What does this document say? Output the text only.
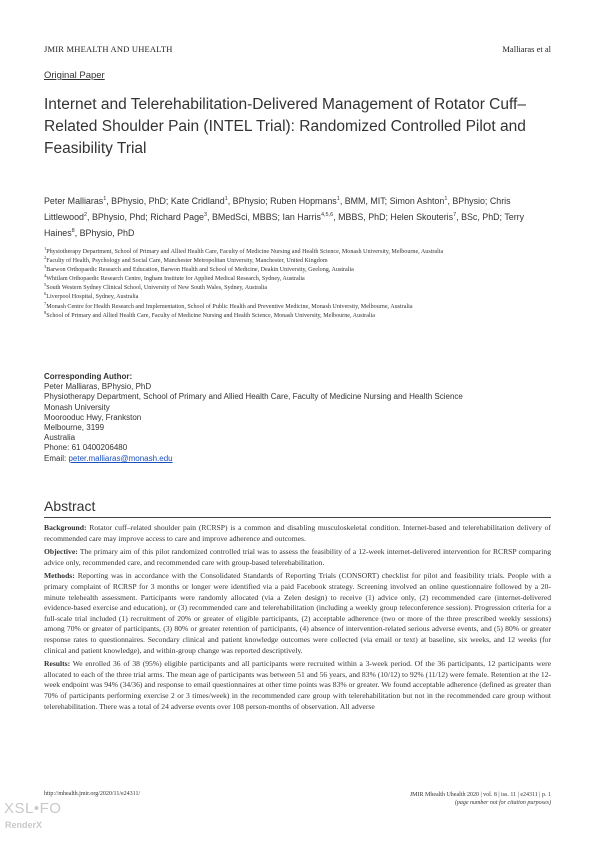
JMIR MHEALTH AND UHEALTH	Malliaras et al
Original Paper
Internet and Telerehabilitation-Delivered Management of Rotator Cuff–Related Shoulder Pain (INTEL Trial): Randomized Controlled Pilot and Feasibility Trial
Peter Malliaras$^1$, BPhysio, PhD; Kate Cridland$^1$, BPhysio; Ruben Hopmans$^1$, BMM, MIT; Simon Ashton$^1$, BPhysio; Chris Littlewood$^2$, BPhysio, Phd; Richard Page$^3$, BMedSci, MBBS; Ian Harris$^{4,5,6}$, MBBS, PhD; Helen Skouteris$^7$, BSc, PhD; Terry Haines$^8$, BPhysio, PhD
$^1$Physiotherapy Department, School of Primary and Allied Health Care, Faculty of Medicine Nursing and Health Science, Monash University, Melbourne, Australia
$^2$Faculty of Health, Psychology and Social Care, Manchester Metropolitan University, Manchester, United Kingdom
$^3$Barwon Orthopaedic Research and Education, Barwon Health and School of Medicine, Deakin University, Geelong, Australia
$^4$Whitlam Orthopaedic Research Centre, Ingham Institute for Applied Medical Research, Sydney, Australia
$^5$South Western Sydney Clinical School, University of New South Wales, Sydney, Australia
$^6$Liverpool Hospital, Sydney, Australia
$^7$Monash Centre for Health Research and Implementation, School of Public Health and Preventive Medicine, Monash University, Melbourne, Australia
$^8$School of Primary and Allied Health Care, Faculty of Medicine Nursing and Health Science, Monash University, Melbourne, Australia
Corresponding Author:
Peter Malliaras, BPhysio, PhD
Physiotherapy Department, School of Primary and Allied Health Care, Faculty of Medicine Nursing and Health Science
Monash University
Moorooduc Hwy, Frankston
Melbourne, 3199
Australia
Phone: 61 0400206480
Email: peter.malliaras@monash.edu
Abstract

Background: Rotator cuff–related shoulder pain (RCRSP) is a common and disabling musculoskeletal condition. Internet-based and telerehabilitation delivery of recommended care may improve access to care and improve adherence and outcomes.

Objective: The primary aim of this pilot randomized controlled trial was to assess the feasibility of a 12-week internet-delivered intervention for RCRSP comparing advice only, recommended care, and recommended care with group-based telerehabilitation.

Methods: Reporting was in accordance with the Consolidated Standards of Reporting Trials (CONSORT) checklist for pilot and feasibility trials. People with a primary complaint of RCRSP for 3 months or longer were identified via a paid Facebook strategy. Screening involved an online questionnaire followed by a 20-minute telehealth assessment. Participants were randomly allocated (via a Zelen design) to receive (1) advice only, (2) recommended care (internet-delivered evidence-based exercise and education), or (3) recommended care and telerehabilitation (including a weekly group teleconference session). Progression criteria for a full-scale trial included (1) recruitment of 20% or greater of eligible participants, (2) acceptable adherence (two or more of the three prescribed weekly sessions) among 70% or greater of participants, (3) 80% or greater retention of participants, (4) absence of intervention-related serious adverse events, and (5) 80% or greater response rates to questionnaires. Secondary clinical and patient knowledge outcomes were collected (via email or text) at baseline, six weeks, and 12 weeks (for clinical and patient knowledge), and within-group change was reported descriptively.

Results: We enrolled 36 of 38 (95%) eligible participants and all participants were recruited within a 3-week period. Of the 36 participants, 12 participants were allocated to each of the three trial arms. The mean age of participants was between 51 and 56 years, and 83% (10/12) to 92% (11/12) were female. Retention at the 12-week endpoint was 94% (34/36) and response to email questionnaires at other time points was 83% or greater. We found acceptable adherence (defined as greater than 70% of participants performing exercise 2 or 3 times/week) in the recommended care group with telerehabilitation but not in the recommended care group without telerehabilitation. There was a total of 24 adverse events over 108 person-months of observation. All adverse

http://mhealth.jmir.org/2020/11/e24311/	JMIR Mhealth Uhealth 2020 | vol. 8 | iss. 11 | e24311 | p. 1
(page number not for citation purposes)
XSL•FO
RenderX
